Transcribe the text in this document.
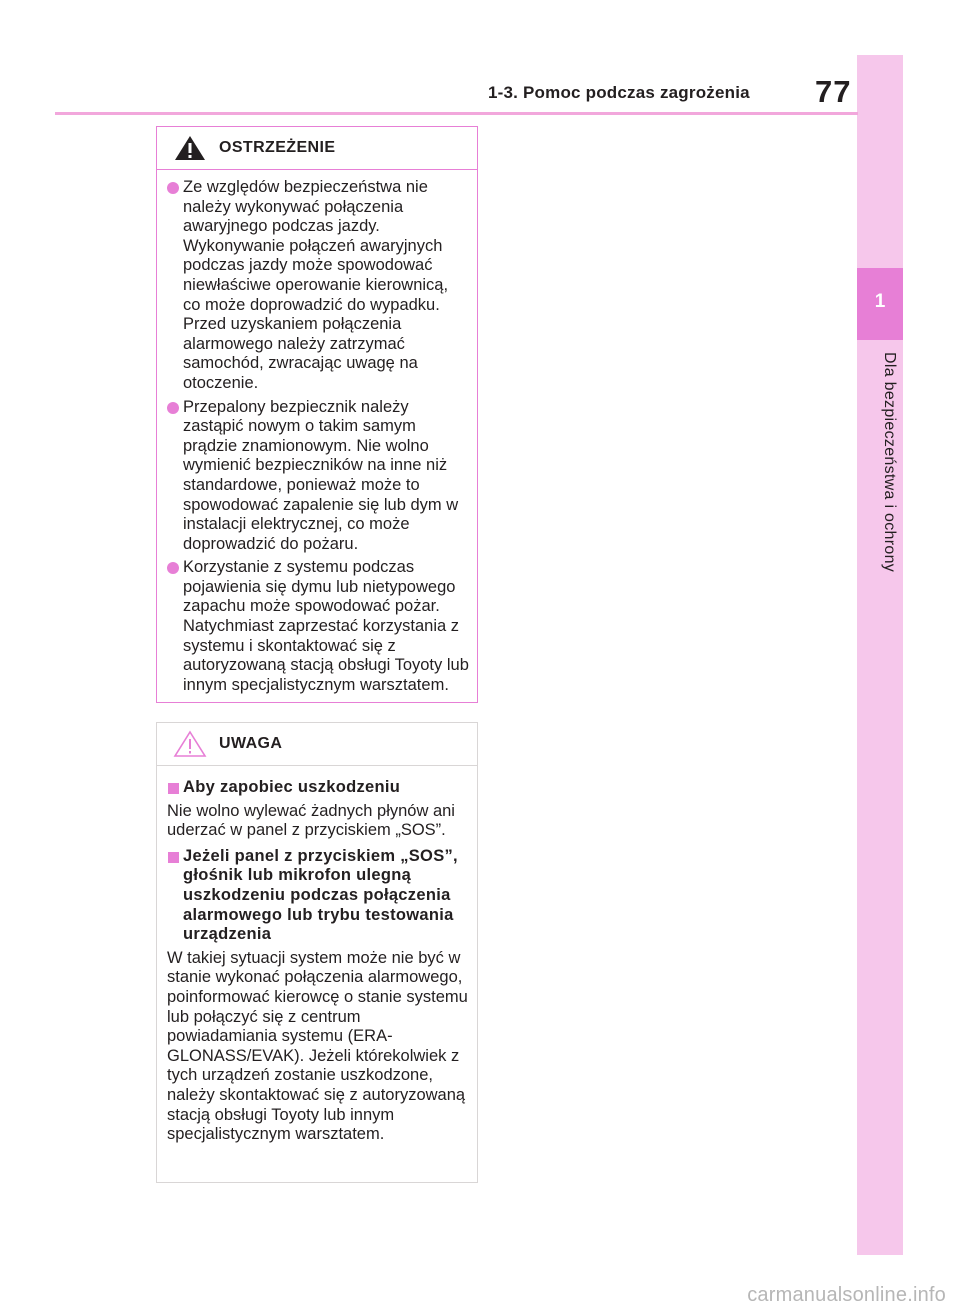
1
Dla bezpieczeństwa i ochrony
1-3. Pomoc podczas zagrożenia 77
OSTRZEŻENIE

Ze względów bezpieczeństwa nie należy wykonywać połączenia awaryjnego podczas jazdy. Wykonywanie połączeń awaryjnych podczas jazdy może spowodować niewłaściwe operowanie kierownicą, co może doprowadzić do wypadku. Przed uzyskaniem połączenia alarmowego należy zatrzymać samochód, zwracając uwagę na otoczenie.

Przepalony bezpiecznik należy zastąpić nowym o takim samym prądzie znamionowym. Nie wolno wymienić bezpieczników na inne niż standardowe, ponieważ może to spowodować zapalenie się lub dym w instalacji elektrycznej, co może doprowadzić do pożaru.

Korzystanie z systemu podczas pojawienia się dymu lub nietypowego zapachu może spowodować pożar. Natychmiast zaprzestać korzystania z systemu i skontaktować się z autoryzowaną stacją obsługi Toyoty lub innym specjalistycznym warsztatem.

UWAGA
Aby zapobiec uszkodzeniu

Nie wolno wylewać żadnych płynów ani uderzać w panel z przyciskiem „SOS”.

Jeżeli panel z przyciskiem „SOS”, głośnik lub mikrofon ulegną uszkodzeniu podczas połączenia alarmowego lub trybu testowania urządzenia

W takiej sytuacji system może nie być w stanie wykonać połączenia alarmowego, poinformować kierowcę o stanie systemu lub połączyć się z centrum powiadamiania systemu (ERA-GLONASS/EVAK). Jeżeli którekolwiek z tych urządzeń zostanie uszkodzone, należy skontaktować się z autoryzowaną stacją obsługi Toyoty lub innym specjalistycznym warsztatem.

carmanualsonline.info
